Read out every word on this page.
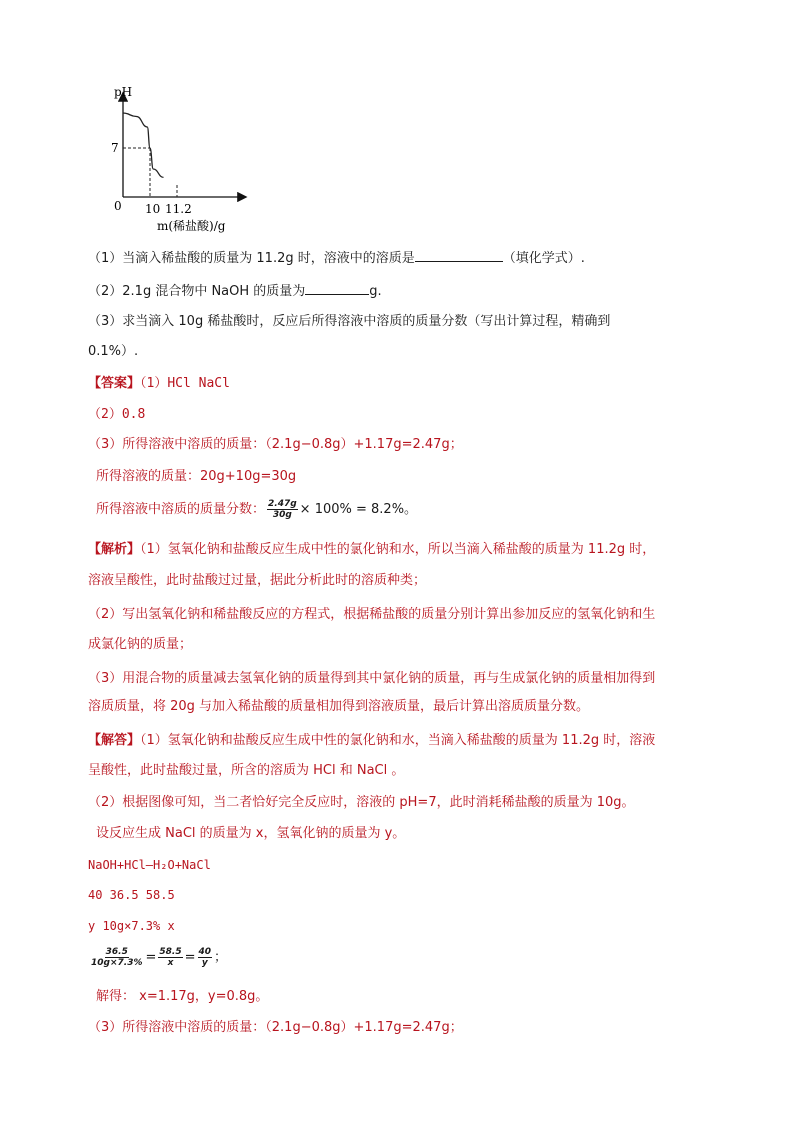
pH
7
0 10 11.2
m(稀盐酸)/g
（1）当滴入稀盐酸的质量为 11.2g 时，溶液中的溶质是	（填化学式）.
（2）2.1g 混合物中 NaOH 的质量为	g.
（3）求当滴入 10g 稀盐酸时，反应后所得溶液中溶质的质量分数（写出计算过程，精确到
0.1%）.
【答案】（1）HCl NaCl
（2）0.8
（3）所得溶液中溶质的质量：（2.1g−0.8g）+1.17g=2.47g；
所得溶液的质量：20g+10g=30g
所得溶液中溶质的质量分数： $\frac{2.47g}{30g} \times 100\% = 8.2\%$。
【解析】（1）氢氧化钠和盐酸反应生成中性的氯化钠和水，所以当滴入稀盐酸的质量为 11.2g 时，
溶液呈酸性，此时盐酸过过量，据此分析此时的溶质种类；
（2）写出氢氧化钠和稀盐酸反应的方程式，根据稀盐酸的质量分别计算出参加反应的氢氧化钠和生
成氯化钠的质量；
（3）用混合物的质量减去氢氧化钠的质量得到其中氯化钠的质量，再与生成氯化钠的质量相加得到
溶质质量，将 20g 与加入稀盐酸的质量相加得到溶液质量，最后计算出溶质质量分数。
【解答】（1）氢氧化钠和盐酸反应生成中性的氯化钠和水，当滴入稀盐酸的质量为 11.2g 时，溶液
呈酸性，此时盐酸过量，所含的溶质为 HCl 和 NaCl 。
（2）根据图像可知，当二者恰好完全反应时，溶液的 pH=7，此时消耗稀盐酸的质量为 10g。
设反应生成 NaCl 的质量为 x，氢氧化钠的质量为 y。
NaOH+HCl—H₂O+NaCl
40 36.5 58.5
y 10g×7.3% x
$\frac{36.5}{10g\times 7.3\%} = \frac{58.5}{x} = \frac{40}{y}$ ；
解得： x=1.17g，y=0.8g。
（3）所得溶液中溶质的质量：（2.1g−0.8g）+1.17g=2.47g；
